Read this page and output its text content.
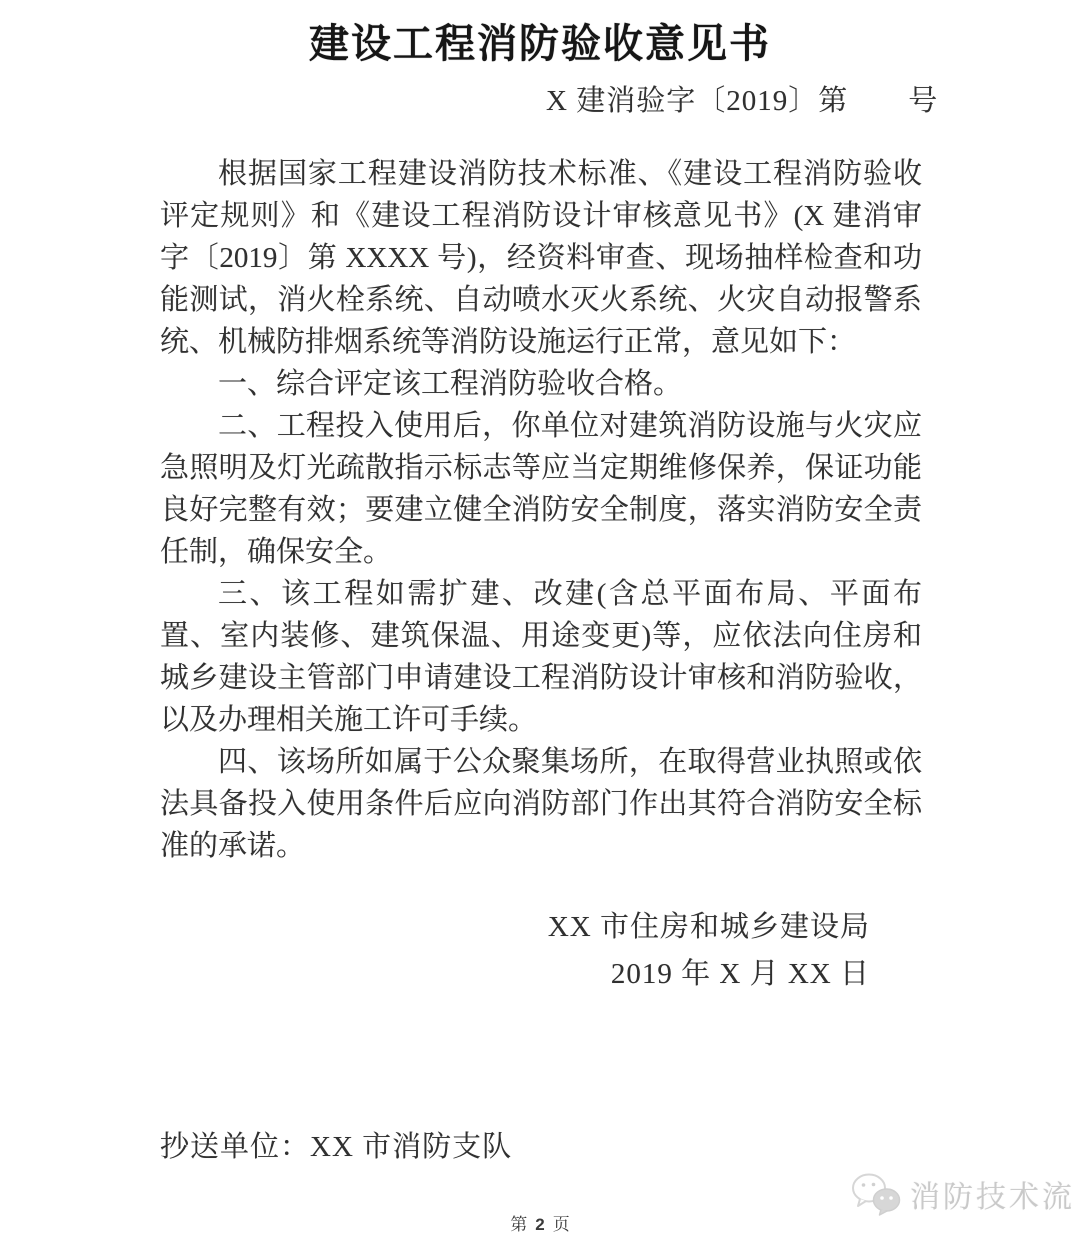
建设工程消防验收意见书
X 建消验字〔2019〕第　　号

根据国家工程建设消防技术标准、《建设工程消防验收评定规则》和《建设工程消防设计审核意见书》(X 建消审字〔2019〕第 XXXX 号)，经资料审查、现场抽样检查和功能测试，消火栓系统、自动喷水灭火系统、火灾自动报警系统、机械防排烟系统等消防设施运行正常，意见如下：

一、综合评定该工程消防验收合格。

二、工程投入使用后，你单位对建筑消防设施与火灾应急照明及灯光疏散指示标志等应当定期维修保养，保证功能良好完整有效；要建立健全消防安全制度，落实消防安全责任制，确保安全。

三、该工程如需扩建、改建(含总平面布局、平面布置、室内装修、建筑保温、用途变更)等，应依法向住房和城乡建设主管部门申请建设工程消防设计审核和消防验收，以及办理相关施工许可手续。

四、该场所如属于公众聚集场所，在取得营业执照或依法具备投入使用条件后应向消防部门作出其符合消防安全标准的承诺。

XX 市住房和城乡建设局
2019 年 X 月 XX 日
抄送单位：XX 市消防支队
消防技术流
第 2 页
